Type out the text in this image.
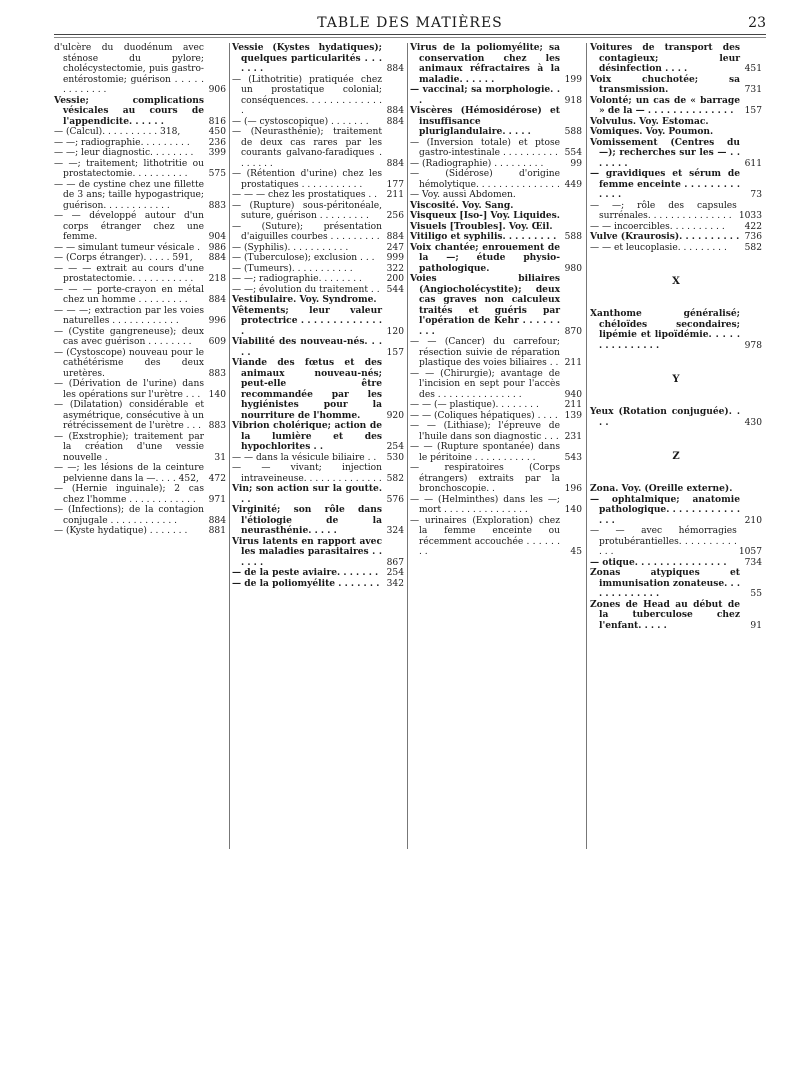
TABLE DES MATIÈRES	23
d'ulcère du duodénum avec sténose du pylore; cholécystectomie, puis gastro-entérostomie; guérison . . . . . . . . . . . . .	906
Vessie; complications vésicales au cours de l'appendicite. . . . . .	816
— (Calcul). . . . . . . . . . 318,	450
— —; radiographie. . . . . . . . .	236
— —; leur diagnostic. . . . . . . .	399
— —; traitement; lithotritie ou prostatectomie. . . . . . . . . .	575
— — de cystine chez une fillette de 3 ans; taille hypogastrique; guérison. . . . . . . . . . . .	883
— — développé autour d'un corps étranger chez une femme.	904
— — simulant tumeur vésicale . 986
— (Corps étranger). . . . . 591,	884
— — — extrait au cours d'une prostatectomie. . . . . . . . . . .	218
— — — porte-crayon en métal chez un homme . . . . . . . . .	884
— — —; extraction par les voies naturelles . . . . . . . . . . . .	996
— (Cystite gangreneuse); deux cas avec guérison . . . . . . . .	609
— (Cystoscope) nouveau pour le cathétérisme des deux uretères.	883
— (Dérivation de l'urine) dans les opérations sur l'urètre . . . 140
— (Dilatation) considérable et asymétrique, consécutive à un rétrécissement de l'urètre . . . 883
— (Exstrophie); traitement par la création d'une vessie nouvelle .	31
— —; les lésions de la ceinture pelvienne dans la —. . . . 452,	472
— (Hernie inguinale); 2 cas chez l'homme . . . . . . . . . . . .	971
— (Infections); de la contagion conjugale . . . . . . . . . . . .	884
— (Kyste hydatique) . . . . . . .	881
Vessie (Kystes hydatiques); quelques particularités . . . . . . .	884
— (Lithotritie) pratiquée chez un prostatique colonial; conséquences. . . . . . . . . . . . . .	884
— (— cystoscopique) . . . . . . .	884
— (Neurasthénie); traitement de deux cas rares par les courants galvano-faradiques . . . . . . .	884
— (Rétention d'urine) chez les prostatiques . . . . . . . . . . .	177
— — — chez les prostatiques . .	211
— (Rupture) sous-péritonéale, suture, guérison . . . . . . . . .	256
— (Suture); présentation d'aiguilles courbes . . . . . . . . . 884
— (Syphilis). . . . . . . . . . .	247
— (Tuberculose); exclusion . . .	999
— (Tumeurs). . . . . . . . . . .	322
— —; radiographie. . . . . . . .	200
— —; évolution du traitement . . 544
Vestibulaire. Voy. Syndrome.
Vêtements; leur valeur protectrice . . . . . . . . . . . . . .	120
Viabilité des nouveau-nés. . . . .	157
Viande des fœtus et des animaux nouveau-nés; peut-elle être recommandée par les hygiénistes pour la nourriture de l'homme.	920
Vibrion cholérique; action de la lumière et des hypochlorites . .	254
— — dans la vésicule biliaire . .	530
— — vivant; injection intraveineuse. . . . . . . . . . . . . . 582
Vin; son action sur la goutte. . .	576
Virginité; son rôle dans l'étiologie de la neurasthénie. . . . .	324
Virus latents en rapport avec les maladies parasitaires . . . . . .	867
— de la peste aviaire. . . . . . . 254
— de la poliomyélite . . . . . . . 342
Virus de la poliomyélite; sa conservation chez les animaux réfractaires à la maladie. . . . . .	199
— vaccinal; sa morphologie. . .	918
Viscères (Hémosidérose) et insuffisance pluriglandulaire. . . . .	588
— (Inversion totale) et ptose gastro-intestinale . . . . . . . . . . 554
— (Radiographie) . . . . . . . . .	99
— (Sidérose) d'origine hémolytique. . . . . . . . . . . . . . . 449
— Voy. aussi Abdomen.
Viscosité. Voy. Sang.
Visqueux [Iso-] Voy. Liquides.
Visuels [Troubles]. Voy. Œil.
Vitiligo et syphilis. . . . . . . . . 588
Voix chantée; enrouement de la —; étude physio-pathologique.	980
Voies biliaires (Angiocholécystite); deux cas graves non calculeux traités et guéris par l'opération de Kehr . . . . . . . . .	870
— — (Cancer) du carrefour; résection suivie de réparation plastique des voies biliaires . . 211
— — (Chirurgie); avantage de l'incision en sept pour l'accès des . . . . . . . . . . . . . . .	940
— — (— plastique). . . . . . . .	211
— — (Coliques hépatiques) . . . . 139
— — (Lithiase); l'épreuve de l'huile dans son diagnostic . . . 231
— — (Rupture spontanée) dans le péritoine . . . . . . . . . . .	543
— respiratoires (Corps étrangers) extraits par la bronchoscopie. .	196
— — (Helminthes) dans les —; mort . . . . . . . . . . . . . . .	140
— urinaires (Exploration) chez la femme enceinte ou récemment accouchée . . . . . . . .	45
Voitures de transport des contagieux; leur désinfection . . . .	451
Voix chuchotée; sa transmission.	731
Volonté; un cas de « barrage » de la — . . . . . . . . . . . . . .	157
Volvulus. Voy. Estomac.
Vomiques. Voy. Poumon.
Vomissement (Centres du —); recherches sur les — . . . . . . .	611
— gravidiques et sérum de femme enceinte . . . . . . . . . . . . .	73
— —; rôle des capsules surrénales. . . . . . . . . . . . . . . 1033
— — incoercibles. . . . . . . . . .	422
Vulve (Kraurosis). . . . . . . . . . 736
— — et leucoplasie. . . . . . . . .	582
X
Xanthome généralisé; chéloïdes secondaires; lipémie et lipoïdémie. . . . . . . . . . . . . . .	978
Y
Yeux (Rotation conjuguée). . . .	430
Z
Zona. Voy. (Oreille externe).
— ophtalmique; anatomie pathologique. . . . . . . . . . . . . . .	210
— — avec hémorragies protubérantielles. . . . . . . . . . . . .	1057
— otique. . . . . . . . . . . . . . .	734
Zonas atypiques et immunisation zonateuse. . . . . . . . . . . . .	55
Zones de Head au début de la tuberculose chez l'enfant. . . . .	91
